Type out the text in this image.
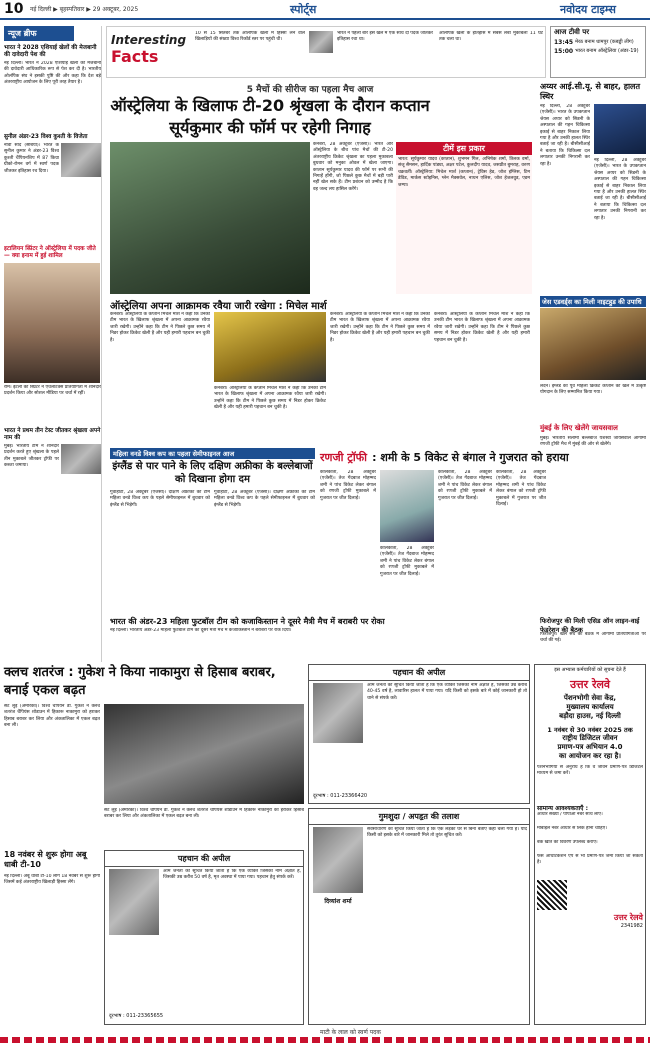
10 नई दिल्ली ▶ बृहस्पतिवार ▶ 29 अक्टूबर, 2025	स्पोर्ट्स	नवोदय टाइम्स
न्यूज ब्रीफ
भारत ने 2028 एशियाई खेलों की मेजबानी की दावेदारी पेश की
नई दिल्ली। भारत ने 2028 एशियाई खेलों की मेजबानी की दावेदारी आधिकारिक रूप से पेश कर दी है। भारतीय ओलंपिक संघ ने इसकी पुष्टि की और कहा कि देश बड़े अंतरराष्ट्रीय आयोजन के लिए पूरी तरह तैयार है।
सुनील अंडर-23 विश्व कुश्ती के विजेता
नोवी साद (सर्बिया)। भारत के सुनील कुमार ने अंडर-23 विश्व कुश्ती चैंपियनशिप में 87 किग्रा ग्रीको-रोमन वर्ग में स्वर्ण पदक जीतकर इतिहास रच दिया।
इटालियन स्प्रिंटर ने ऑस्ट्रेलिया में पदक जीते — क्या इनाम में हुई शामिल
रोम। इटली की स्प्रिंटर ने एथलेटिक्स प्रतियोगिता में शानदार प्रदर्शन किया और सोशल मीडिया पर चर्चा में रहीं।
भारत ने प्रथम तीन टेस्ट जीतकर श्रृंखला अपने नाम की
मुंबई। भारतीय टीम ने शानदार प्रदर्शन करते हुए श्रृंखला के पहले तीन मुकाबले जीतकर ट्रॉफी पर कब्जा जमाया।
Interesting
Facts
10 से 15 सितंबर तक ओलंपिक खेलों में हिस्सा लेने वाले खिलाड़ियों की संख्या विश्व रिकॉर्ड स्तर पर पहुंची थी।
भारत ने पहली बार इस खेल में एक साथ दो पदक जीतकर इतिहास रचा था।
ओलंपिक खेलों के इतिहास में सबसे लंबा मुकाबला 11 घंटे तक चला था।
आज टीवी पर
13:45 मेरठ बनाम धामपुर (कबड्डी लीग)
15:00 भारत बनाम ऑस्ट्रेलिया (अंडर-19)
5 मैचों की सीरीज का पहला मैच आज
ऑस्ट्रेलिया के खिलाफ टी-20 श्रृंखला के दौरान कप्तान सूर्यकुमार की फॉर्म पर रहेगी निगाह
कैनबरा, 28 अक्टूबर (एजेंसी)। भारत और ऑस्ट्रेलिया के बीच पांच मैचों की टी-20 अंतरराष्ट्रीय क्रिकेट श्रृंखला का पहला मुकाबला बुधवार को मनुका ओवल में खेला जाएगा। कप्तान सूर्यकुमार यादव की फॉर्म पर सभी की निगाहें होंगी, जो पिछले कुछ मैचों में बड़ी पारी नहीं खेल सके हैं। टीम प्रबंधन को उम्मीद है कि वह जल्द लय हासिल करेंगे।
टीमें इस प्रकार
भारत: सूर्यकुमार यादव (कप्तान), शुभमन गिल, अभिषेक शर्मा, तिलक वर्मा, संजू सैमसन, हार्दिक पांड्या, अक्षर पटेल, कुलदीप यादव, जसप्रीत बुमराह, वरुण चक्रवर्ती। ऑस्ट्रेलिया: मिचेल मार्श (कप्तान), ट्रेविस हेड, जोश इंग्लिस, टिम डेविड, मार्कस स्टोइनिस, ग्लेन मैक्सवेल, नाथन एलिस, जोश हेजलवुड, एडम जम्पा।
ऑस्ट्रेलिया अपना आक्रामक रवैया जारी रखेगा : मिचेल मार्श
कैनबरा। ऑस्ट्रेलिया के कप्तान मिचेल मार्श ने कहा कि उनकी टीम भारत के खिलाफ श्रृंखला में अपना आक्रामक रवैया जारी रखेगी। उन्होंने कहा कि टीम ने पिछले कुछ समय में निडर होकर क्रिकेट खेली है और यही हमारी पहचान बन चुकी है।
कैनबरा। ऑस्ट्रेलिया के कप्तान मिचेल मार्श ने कहा कि उनकी टीम भारत के खिलाफ श्रृंखला में अपना आक्रामक रवैया जारी रखेगी। उन्होंने कहा कि टीम ने पिछले कुछ समय में निडर होकर क्रिकेट खेली है और यही हमारी पहचान बन चुकी है।
कैनबरा। ऑस्ट्रेलिया के कप्तान मिचेल मार्श ने कहा कि उनकी टीम भारत के खिलाफ श्रृंखला में अपना आक्रामक रवैया जारी रखेगी। उन्होंने कहा कि टीम ने पिछले कुछ समय में निडर होकर क्रिकेट खेली है और यही हमारी पहचान बन चुकी है।
कैनबरा। ऑस्ट्रेलिया के कप्तान मिचेल मार्श ने कहा कि उनकी टीम भारत के खिलाफ श्रृंखला में अपना आक्रामक रवैया जारी रखेगी। उन्होंने कहा कि टीम ने पिछले कुछ समय में निडर होकर क्रिकेट खेली है और यही हमारी पहचान बन चुकी है।
महिला वनडे विश्व कप का पहला सेमीफाइनल आज
इंग्लैंड से पार पाने के लिए दक्षिण अफ्रीका के बल्लेबाजों को दिखाना होगा दम
गुवाहाटी, 28 अक्टूबर (एजेंसी)। दक्षिण अफ्रीका की टीम महिला वनडे विश्व कप के पहले सेमीफाइनल में बुधवार को इंग्लैंड से भिड़ेगी।
गुवाहाटी, 28 अक्टूबर (एजेंसी)। दक्षिण अफ्रीका की टीम महिला वनडे विश्व कप के पहले सेमीफाइनल में बुधवार को इंग्लैंड से भिड़ेगी।
रणजी ट्रॉफी : शमी के 5 विकेट से बंगाल ने गुजरात को हराया
कोलकाता, 28 अक्टूबर (एजेंसी)। तेज गेंदबाज मोहम्मद शमी ने पांच विकेट लेकर बंगाल को रणजी ट्रॉफी मुकाबले में गुजरात पर जीत दिलाई।
कोलकाता, 28 अक्टूबर (एजेंसी)। तेज गेंदबाज मोहम्मद शमी ने पांच विकेट लेकर बंगाल को रणजी ट्रॉफी मुकाबले में गुजरात पर जीत दिलाई।
कोलकाता, 28 अक्टूबर (एजेंसी)। तेज गेंदबाज मोहम्मद शमी ने पांच विकेट लेकर बंगाल को रणजी ट्रॉफी मुकाबले में गुजरात पर जीत दिलाई।
कोलकाता, 28 अक्टूबर (एजेंसी)। तेज गेंदबाज मोहम्मद शमी ने पांच विकेट लेकर बंगाल को रणजी ट्रॉफी मुकाबले में गुजरात पर जीत दिलाई।
अय्यर आई.सी.यू. से बाहर, हालत स्थिर
नई दिल्ली, 28 अक्टूबर (एजेंसी)। भारत के उपकप्तान श्रेयस अय्यर को सिडनी के अस्पताल की गहन चिकित्सा इकाई से बाहर निकाल लिया गया है और उनकी हालत स्थिर बताई जा रही है। बीसीसीआई ने बताया कि चिकित्सा दल लगातार उनकी निगरानी कर रहा है।
नई दिल्ली, 28 अक्टूबर (एजेंसी)। भारत के उपकप्तान श्रेयस अय्यर को सिडनी के अस्पताल की गहन चिकित्सा इकाई से बाहर निकाल लिया गया है और उनकी हालत स्थिर बताई जा रही है। बीसीसीआई ने बताया कि चिकित्सा दल लगातार उनकी निगरानी कर रहा है।
जेस एडवर्ड्स का मिली नाइटहुड की उपाधि
लंदन। इंग्लैंड की पूर्व महिला क्रिकेट कप्तान को खेल में उत्कृष्ट योगदान के लिए सम्मानित किया गया।
मुंबई के लिए खेलेंगे जायसवाल
मुंबई। भारतीय सलामी बल्लेबाज यशस्वी जायसवाल आगामी रणजी ट्रॉफी मैच में मुंबई की ओर से खेलेंगे।
भारत की अंडर-23 महिला फुटबॉल टीम को कजाकिस्तान ने दूसरे मैत्री मैच में बराबरी पर रोका
नई दिल्ली। भारतीय अंडर-23 महिला फुटबॉल टीम को दूसरे मैत्री मैच में कजाकिस्तान ने बराबरी पर रोक दिया।
फिरोजपुर की मिली एसिड ऑन लाइन-वाई फेडरेशन की बैठक
फिरोजपुर। खेल संघ की बैठक में आगामी प्रतियोगिताओं पर चर्चा की गई।
क्लच शतरंज : गुकेश ने किया नाकामुरा से हिसाब बराबर, बनाई एकल बढ़त
सेंट लुई (अमेरिका)। विश्व चैंपियन डी. गुकेश ने क्लच शतरंज चैंपियंस शोडाउन में हिकारू नाकामुरा को हराकर हिसाब बराबर कर लिया और अंकतालिका में एकल बढ़त बना ली।
सेंट लुई (अमेरिका)। विश्व चैंपियन डी. गुकेश ने क्लच शतरंज चैंपियंस शोडाउन में हिकारू नाकामुरा को हराकर हिसाब बराबर कर लिया और अंकतालिका में एकल बढ़त बना ली।
18 नवंबर से शुरू होगा अबू धाबी टी-10
नई दिल्ली। अबू धाबी टी-10 लीग 18 नवंबर से शुरू होगी जिसमें कई अंतरराष्ट्रीय खिलाड़ी हिस्सा लेंगे।
पहचान की अपील
आम जनता को सूचित किया जाता है कि एक व्यक्ति जिसका नाम अज्ञात है, जिसकी उम्र करीब 40-45 वर्ष है, लावारिस हालत में पाया गया। यदि किसी को इसके बारे में कोई जानकारी हो तो थाने से संपर्क करें।
दूरभाष : 011-23366420
पहचान की अपील
आम जनता को सूचित किया जाता है कि एक व्यक्ति जिसका नाम अज्ञात है, जिसकी उम्र करीब 50 वर्ष है, मृत अवस्था में पाया गया। पहचान हेतु संपर्क करें।
दूरभाष : 011-23365655
गुमशुदा / अपहृत की तलाश
सर्वसाधारण को सूचित किया जाता है कि एक लड़का घर से बिना बताए कहीं चला गया है। यदि किसी को इसके बारे में जानकारी मिले तो तुरंत सूचित करें।
दिव्यांश शर्मा
इस अभ्यास कर्मचारियों को सूचना देते हैं
उत्तर रेलवे
पेंशनभोगी सेवा केंद्र,
मुख्यालय कार्यालय
बड़ौदा हाउस, नई दिल्ली
1 नवंबर से 30 नवंबर 2025 तक
राष्ट्रीय डिजिटल जीवन
प्रमाण-पत्र अभियान 4.0
का आयोजन कर रहा है।
पेंशनभोगियों से अनुरोध है कि वे जीवन प्रमाण-पत्र डिजिटल माध्यम से जमा करें।
सामान्य आवश्यकताएँ :
आधार संख्या / पीपीओ नंबर साथ लाएँ।
मोबाइल नंबर आधार से लिंक होना चाहिए।
बैंक खाते का विवरण उपलब्ध कराएँ।
फेस ऑथेंटिकेशन ऐप से भी प्रमाण-पत्र जमा किया जा सकता है।
उत्तर रेलवे
2341982
माटी के लाल को स्वर्ण पदक
